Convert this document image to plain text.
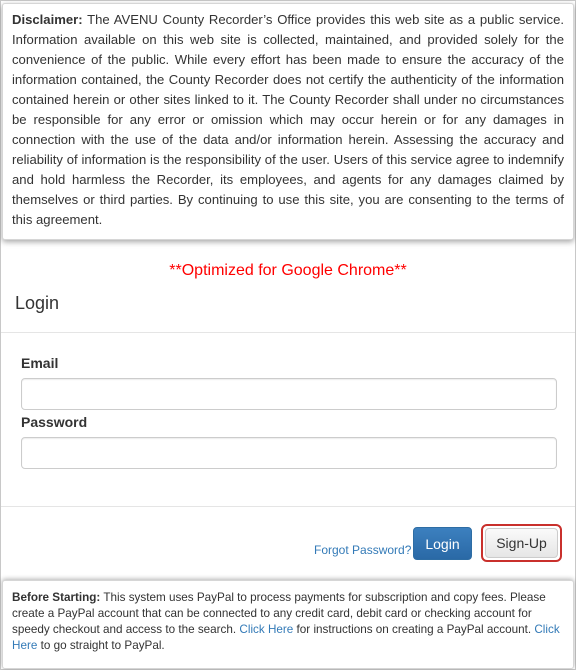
Disclaimer: The AVENU County Recorder’s Office provides this web site as a public service. Information available on this web site is collected, maintained, and provided solely for the convenience of the public. While every effort has been made to ensure the accuracy of the information contained, the County Recorder does not certify the authenticity of the information contained herein or other sites linked to it. The County Recorder shall under no circumstances be responsible for any error or omission which may occur herein or for any damages in connection with the use of the data and/or information herein. Assessing the accuracy and reliability of information is the responsibility of the user. Users of this service agree to indemnify and hold harmless the Recorder, its employees, and agents for any damages claimed by themselves or third parties. By continuing to use this site, you are consenting to the terms of this agreement.
**Optimized for Google Chrome**
Login
Email
Password
Forgot Password? Login	Sign-Up
Before Starting: This system uses PayPal to process payments for subscription and copy fees. Please create a PayPal account that can be connected to any credit card, debit card or checking account for speedy checkout and access to the search. Click Here for instructions on creating a PayPal account. Click Here to go straight to PayPal.
